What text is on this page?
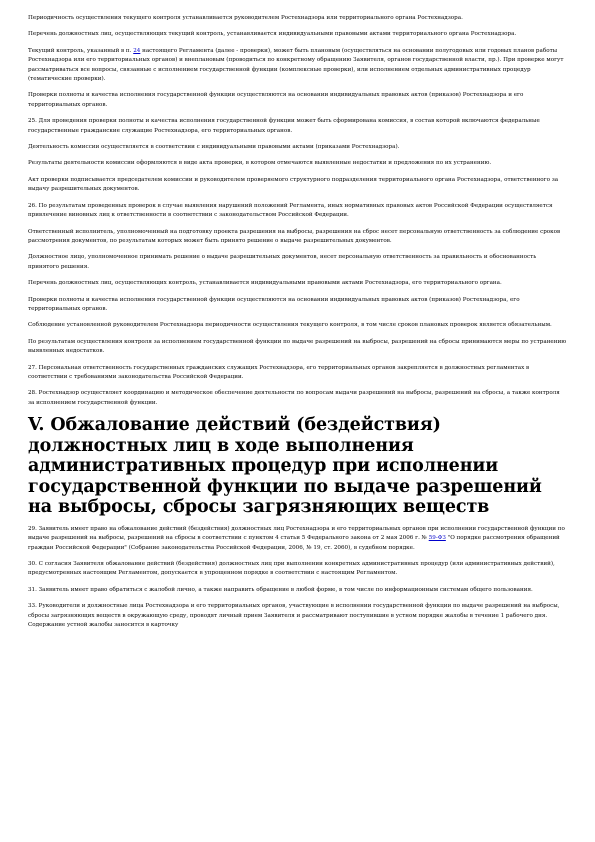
Периодичность осуществления текущего контроля устанавливается руководителем Ростехнадзора или территориального органа Ростехнадзора.

Перечень должностных лиц, осуществляющих текущий контроль, устанавливается индивидуальными правовыми актами территориального органа Ростехнадзора.

Текущий контроль, указанный в п. 24 настоящего Регламента (далее - проверки), может быть плановым (осуществляться на основании полугодовых или годовых планов работы Ростехнадзора или его территориальных органов) и внеплановым (проводиться по конкретному обращению Заявителя, органов государственной власти, пр.). При проверке могут рассматриваться все вопросы, связанные с исполнением государственной функции (комплексные проверки), или исполнением отдельных административных процедур (тематические проверки).

Проверки полноты и качества исполнения государственной функции осуществляются на основании индивидуальных правовых актов (приказов) Ростехнадзора и его территориальных органов.

25. Для проведения проверки полноты и качества исполнения государственной функции может быть сформирована комиссия, в состав которой включаются федеральные государственные гражданские служащие Ростехнадзора, его территориальных органов.

Деятельность комиссии осуществляется в соответствии с индивидуальными правовыми актами (приказами Ростехнадзора).

Результаты деятельности комиссии оформляются в виде акта проверки, в котором отмечаются выявленные недостатки и предложения по их устранению.

Акт проверки подписывается председателем комиссии и руководителем проверяемого структурного подразделения территориального органа Ростехнадзора, ответственного за выдачу разрешительных документов.

26. По результатам проведенных проверок в случае выявления нарушений положений Регламента, иных нормативных правовых актов Российской Федерации осуществляется привлечение виновных лиц к ответственности в соответствии с законодательством Российской Федерации.

Ответственный исполнитель, уполномоченный на подготовку проекта разрешения на выбросы, разрешения на сброс несет персональную ответственность за соблюдение сроков рассмотрения документов, по результатам которых может быть принято решение о выдаче разрешительных документов.

Должностное лицо, уполномоченное принимать решение о выдаче разрешительных документов, несет персональную ответственность за правильность и обоснованность принятого решения.

Перечень должностных лиц, осуществляющих контроль, устанавливается индивидуальными правовыми актами Ростехнадзора, его территориального органа.

Проверки полноты и качества исполнения государственной функции осуществляются на основании индивидуальных правовых актов (приказов) Ростехнадзора, его территориальных органов.

Соблюдение установленной руководителем Ростехнадзора периодичности осуществления текущего контроля, в том числе сроков плановых проверок является обязательным.

По результатам осуществления контроля за исполнением государственной функции по выдаче разрешений на выбросы, разрешений на сбросы принимаются меры по устранению выявленных недостатков.

27. Персональная ответственность государственных гражданских служащих Ростехнадзора, его территориальных органов закрепляется в должностных регламентах в соответствии с требованиями законодательства Российской Федерации.

28. Ростехнадзор осуществляет координацию и методическое обеспечение деятельности по вопросам выдачи разрешений на выбросы, разрешений на сбросы, а также контроля за исполнением государственной функции.

V. Обжалование действий (бездействия) должностных лиц в ходе выполнения административных процедур при исполнении государственной функции по выдаче разрешений на выбросы, сбросы загрязняющих веществ

29. Заявитель имеет право на обжалование действий (бездействия) должностных лиц Ростехнадзора и его территориальных органов при исполнении государственной функции по выдаче разрешений на выбросы, разрешений на сбросы в соответствии с пунктом 4 статьи 5 Федерального закона от 2 мая 2006 г. № 59-ФЗ "О порядке рассмотрения обращений граждан Российской Федерации" (Собрание законодательства Российской Федерации, 2006, № 19, ст. 2060), в судебном порядке.

30. С согласия Заявителя обжалование действий (бездействия) должностных лиц при выполнении конкретных административных процедур (или административных действий), предусмотренных настоящим Регламентом, допускается в упрощенном порядке в соответствии с настоящим Регламентом.

31. Заявитель имеет право обратиться с жалобой лично, а также направить обращение в любой форме, в том числе по информационным системам общего пользования.

33. Руководители и должностные лица Ростехнадзора и его территориальных органов, участвующие в исполнении государственной функции по выдаче разрешений на выбросы, сбросы загрязняющих веществ в окружающую среду, проводят личный прием Заявителя и рассматривают поступившие в устном порядке жалобы в течение 1 рабочего дня. Содержание устной жалобы заносится в карточку
